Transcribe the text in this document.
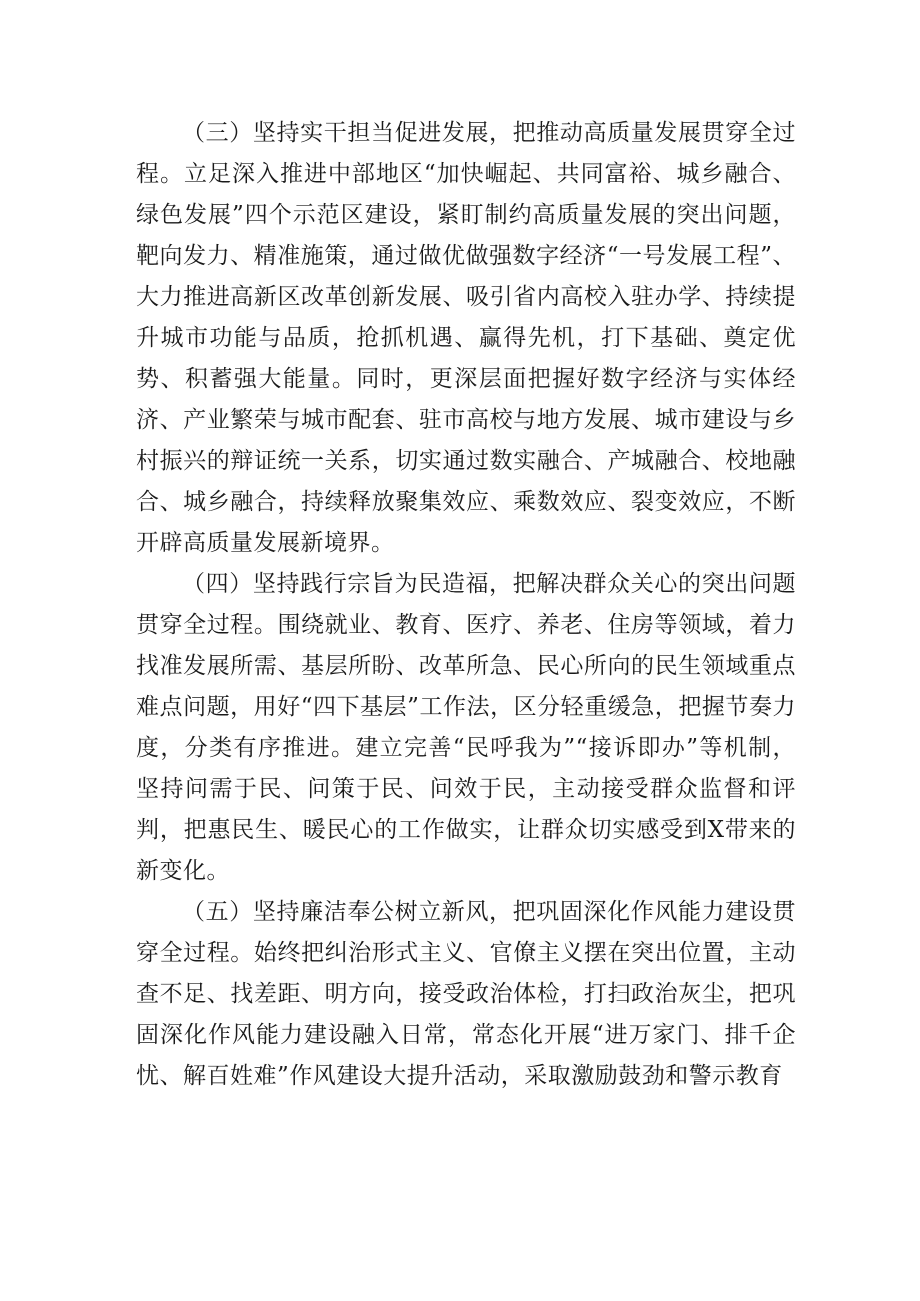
（三）坚持实干担当促进发展，把推动高质量发展贯穿全过程。立足深入推进中部地区“加快崛起、共同富裕、城乡融合、绿色发展”四个示范区建设，紧盯制约高质量发展的突出问题，靶向发力、精准施策，通过做优做强数字经济“一号发展工程”、大力推进高新区改革创新发展、吸引省内高校入驻办学、持续提升城市功能与品质，抢抓机遇、赢得先机，打下基础、奠定优势、积蓄强大能量。同时，更深层面把握好数字经济与实体经济、产业繁荣与城市配套、驻市高校与地方发展、城市建设与乡村振兴的辩证统一关系，切实通过数实融合、产城融合、校地融合、城乡融合，持续释放聚集效应、乘数效应、裂变效应，不断开辟高质量发展新境界。

（四）坚持践行宗旨为民造福，把解决群众关心的突出问题贯穿全过程。围绕就业、教育、医疗、养老、住房等领域，着力找准发展所需、基层所盼、改革所急、民心所向的民生领域重点难点问题，用好“四下基层”工作法，区分轻重缓急，把握节奏力度，分类有序推进。建立完善“民呼我为”“接诉即办”等机制，坚持问需于民、问策于民、问效于民，主动接受群众监督和评判，把惠民生、暖民心的工作做实，让群众切实感受到X带来的新变化。

（五）坚持廉洁奉公树立新风，把巩固深化作风能力建设贯穿全过程。始终把纠治形式主义、官僚主义摆在突出位置，主动查不足、找差距、明方向，接受政治体检，打扫政治灰尘，把巩固深化作风能力建设融入日常，常态化开展“进万家门、排千企忧、解百姓难”作风建设大提升活动，采取激励鼓劲和警示教育
